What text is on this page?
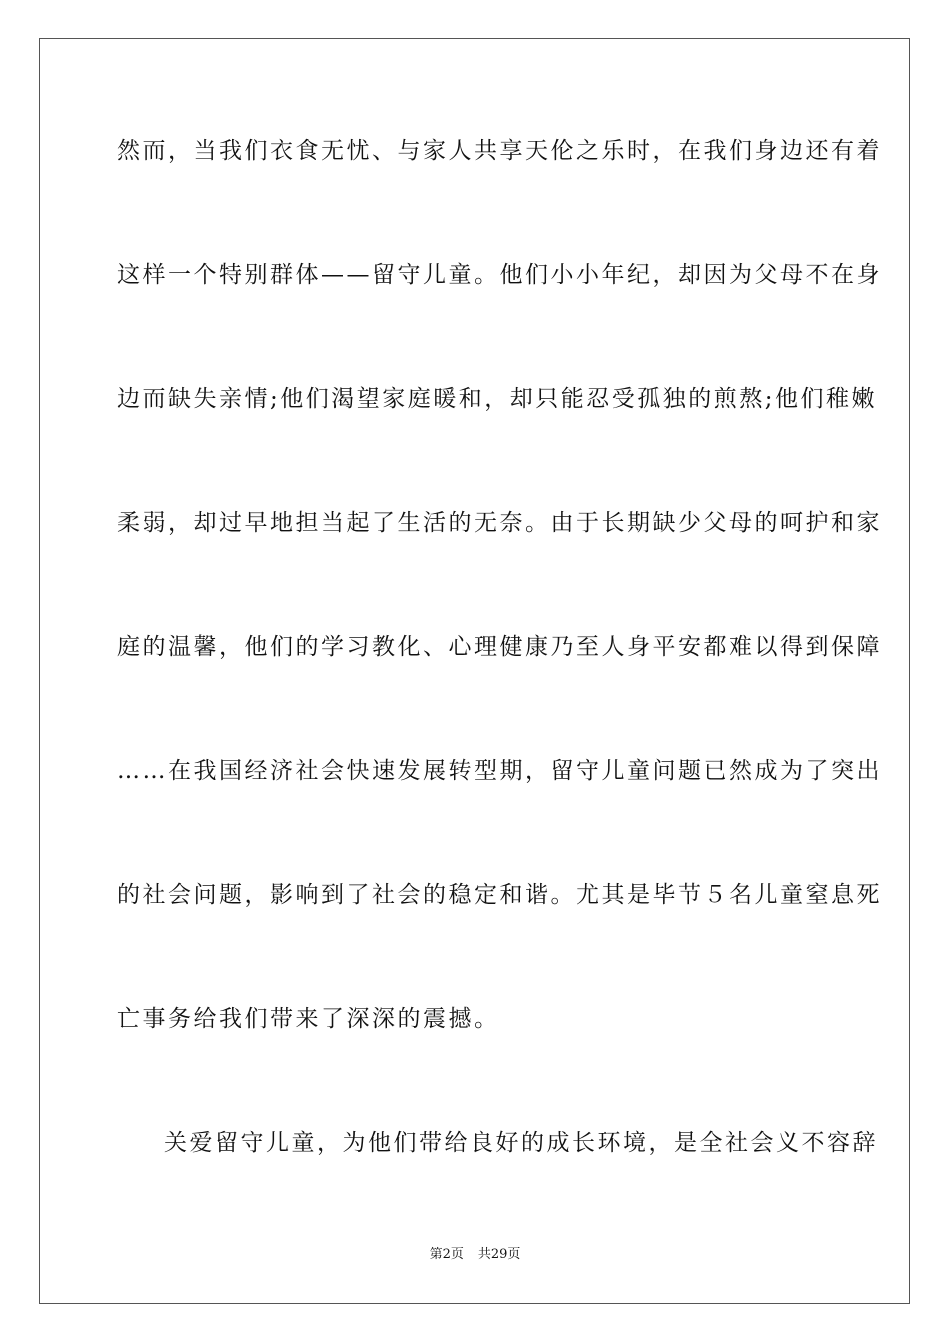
然而，当我们衣食无忧、与家人共享天伦之乐时，在我们身边还有着
这样一个特别群体——留守儿童。他们小小年纪，却因为父母不在身
边而缺失亲情;他们渴望家庭暖和，却只能忍受孤独的煎熬;他们稚嫩
柔弱，却过早地担当起了生活的无奈。由于长期缺少父母的呵护和家
庭的温馨，他们的学习教化、心理健康乃至人身平安都难以得到保障
……在我国经济社会快速发展转型期，留守儿童问题已然成为了突出
的社会问题，影响到了社会的稳定和谐。尤其是毕节５名儿童窒息死
亡事务给我们带来了深深的震撼。
关爱留守儿童，为他们带给良好的成长环境，是全社会义不容辞
第2页 共29页
